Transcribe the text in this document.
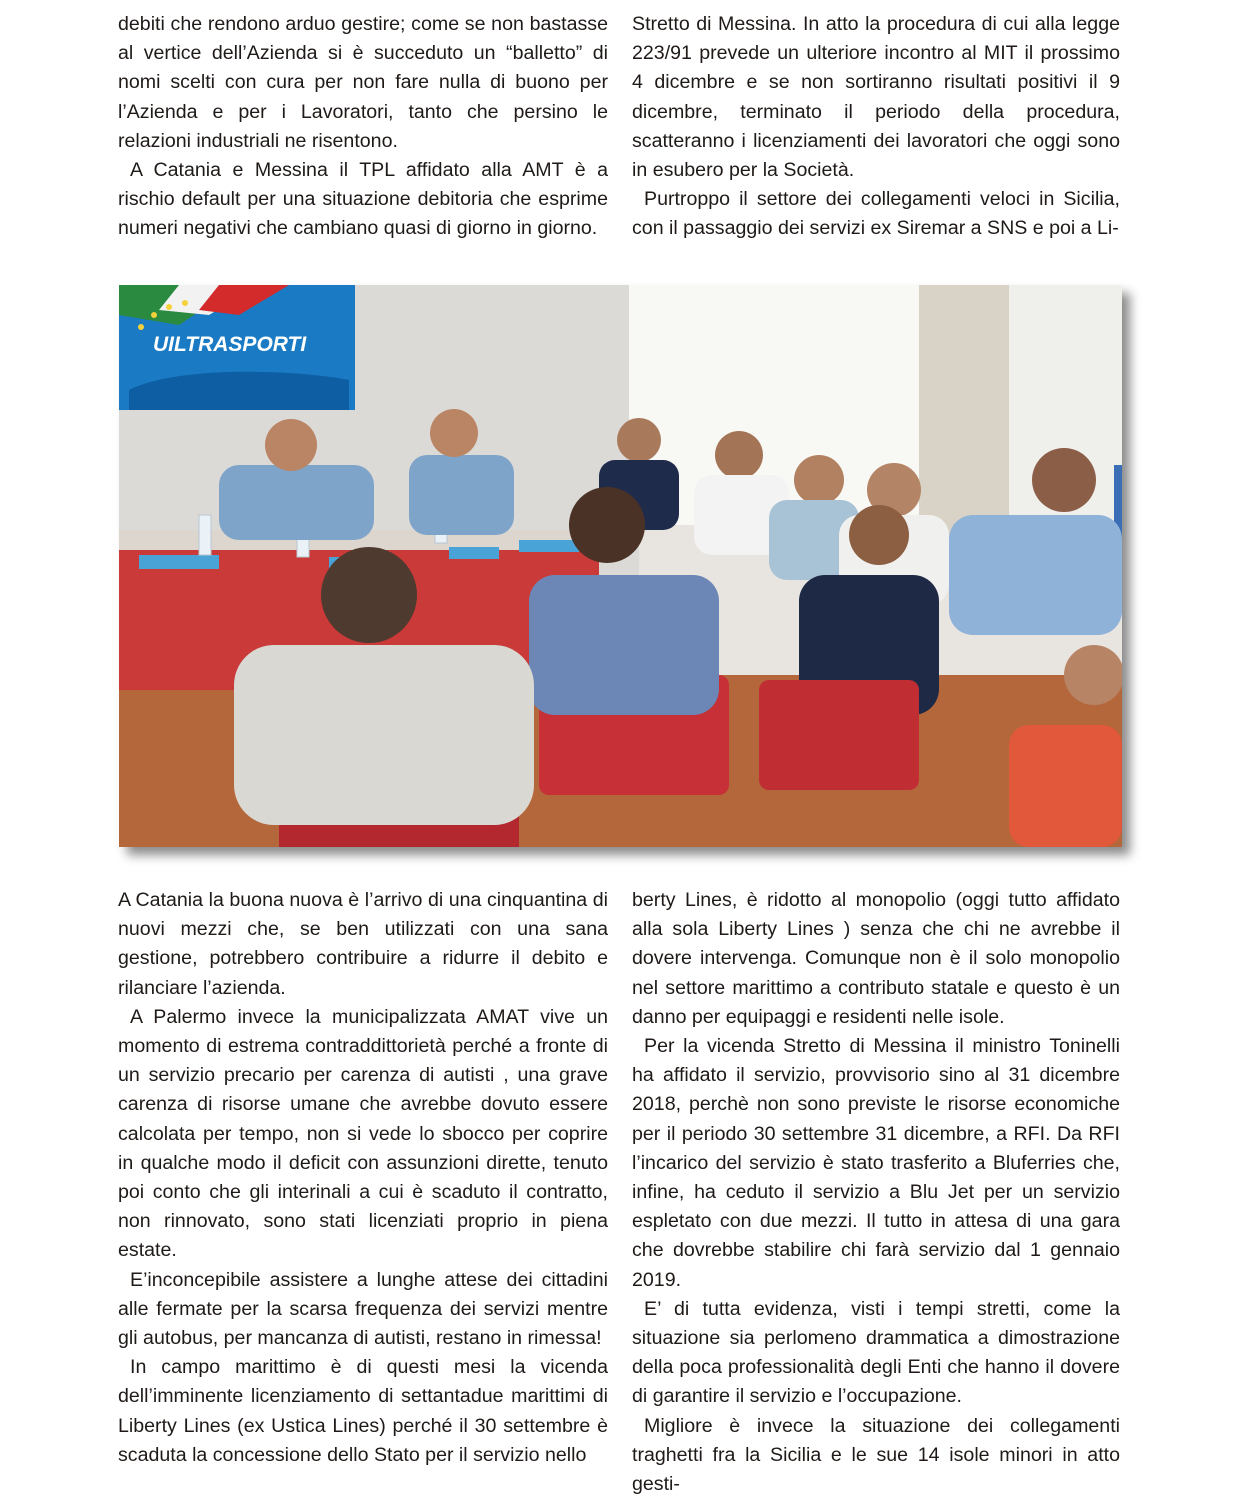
debiti che rendono arduo gestire; come se non bastasse al vertice dell’Azienda si è succeduto un “balletto” di nomi scelti con cura per non fare nulla di buono per l’Azienda e per i Lavoratori, tanto che persino le relazioni industriali ne risentono.

A Catania e Messina il TPL affidato alla AMT è a rischio default per una situazione debitoria che esprime numeri negativi che cambiano quasi di giorno in giorno.

Stretto di Messina. In atto la procedura di cui alla legge 223/91 prevede un ulteriore incontro al MIT il prossimo 4 dicembre e se non sortiranno risultati positivi il 9 dicembre, terminato il periodo della procedura, scatteranno i licenziamenti dei lavoratori che oggi sono in esubero per la Società.

Purtroppo il settore dei collegamenti veloci in Sicilia, con il passaggio dei servizi ex Siremar a SNS e poi a Li-

UILTRASPORTI

A Catania la buona nuova è l’arrivo di una cinquantina di nuovi mezzi che, se ben utilizzati con una sana gestione, potrebbero contribuire a ridurre il debito e rilanciare l’azienda.

A Palermo invece la municipalizzata AMAT vive un momento di estrema contraddittorietà perché a fronte di un servizio precario per carenza di autisti , una grave carenza di risorse umane che avrebbe dovuto essere calcolata per tempo, non si vede lo sbocco per coprire in qualche modo il deficit con assunzioni dirette, tenuto poi conto che gli interinali a cui è scaduto il contratto, non rinnovato, sono stati licenziati proprio in piena estate.

E’inconcepibile assistere a lunghe attese dei cittadini alle fermate per la scarsa frequenza dei servizi mentre gli autobus, per mancanza di autisti, restano in rimessa!

In campo marittimo è di questi mesi la vicenda dell’imminente licenziamento di settantadue marittimi di Liberty Lines (ex Ustica Lines) perché il 30 settembre è scaduta la concessione dello Stato per il servizio nello

berty Lines, è ridotto al monopolio (oggi tutto affidato alla sola Liberty Lines ) senza che chi ne avrebbe il dovere intervenga. Comunque non è il solo monopolio nel settore marittimo a contributo statale e questo è un danno per equipaggi e residenti nelle isole.

Per la vicenda Stretto di Messina il ministro Toninelli ha affidato il servizio, provvisorio sino al 31 dicembre 2018, perchè non sono previste le risorse economiche per il periodo 30 settembre 31 dicembre, a RFI. Da RFI l’incarico del servizio è stato trasferito a Bluferries che, infine, ha ceduto il servizio a Blu Jet per un servizio espletato con due mezzi. Il tutto in attesa di una gara che dovrebbe stabilire chi farà servizio dal 1 gennaio 2019.

E’ di tutta evidenza, visti i tempi stretti, come la situazione sia perlomeno drammatica a dimostrazione della poca professionalità degli Enti che hanno il dovere di garantire il servizio e l’occupazione.

Migliore è invece la situazione dei collegamenti traghetti fra la Sicilia e le sue 14 isole minori in atto gesti-
